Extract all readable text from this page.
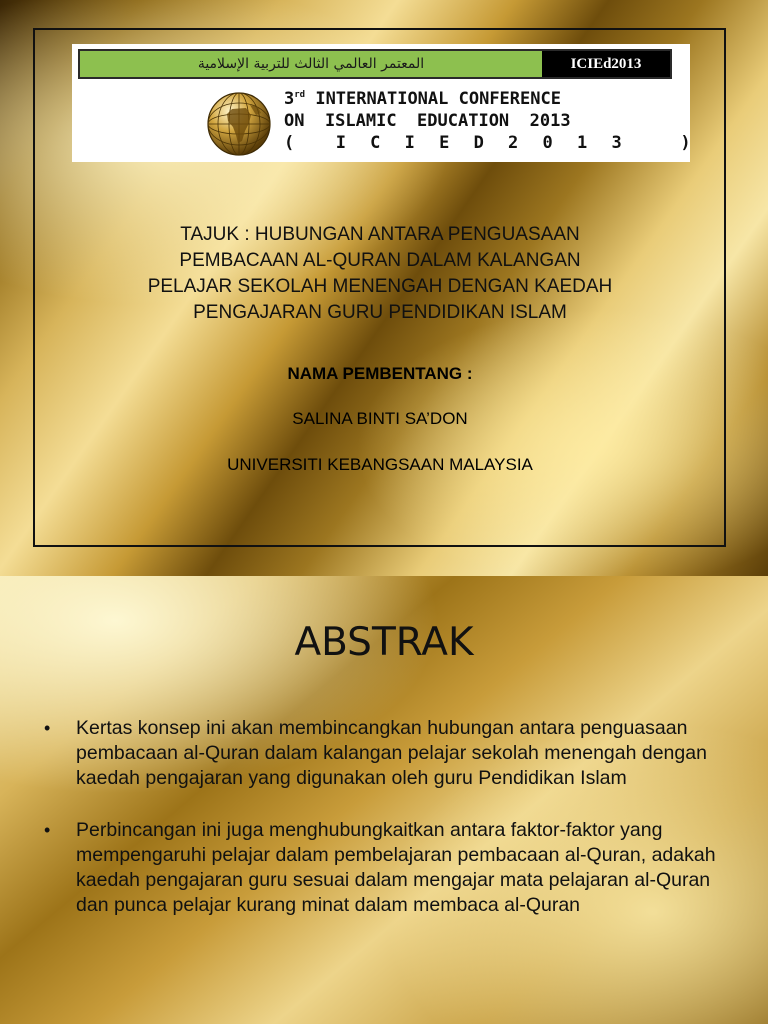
المعتمر العالمي الثالث للتربية الإسلامية	ICIEd2013
3rd INTERNATIONAL CONFERENCE
ON  ISLAMIC  EDUCATION  2013
(  I C I E D 2 0 1 3   )
TAJUK : HUBUNGAN ANTARA PENGUASAAN
PEMBACAAN AL-QURAN DALAM KALANGAN
PELAJAR SEKOLAH MENENGAH DENGAN KAEDAH
PENGAJARAN GURU PENDIDIKAN ISLAM
NAMA PEMBENTANG :
SALINA BINTI SA’DON
UNIVERSITI KEBANGSAAN MALAYSIA
ABSTRAK
• Kertas konsep ini akan membincangkan hubungan antara penguasaan pembacaan al-Quran dalam kalangan pelajar sekolah menengah dengan kaedah pengajaran yang digunakan oleh guru Pendidikan Islam
• Perbincangan ini juga menghubungkaitkan antara faktor-faktor yang mempengaruhi pelajar dalam pembelajaran pembacaan al-Quran, adakah kaedah pengajaran guru sesuai dalam mengajar mata pelajaran al-Quran dan punca pelajar kurang minat dalam membaca al-Quran
